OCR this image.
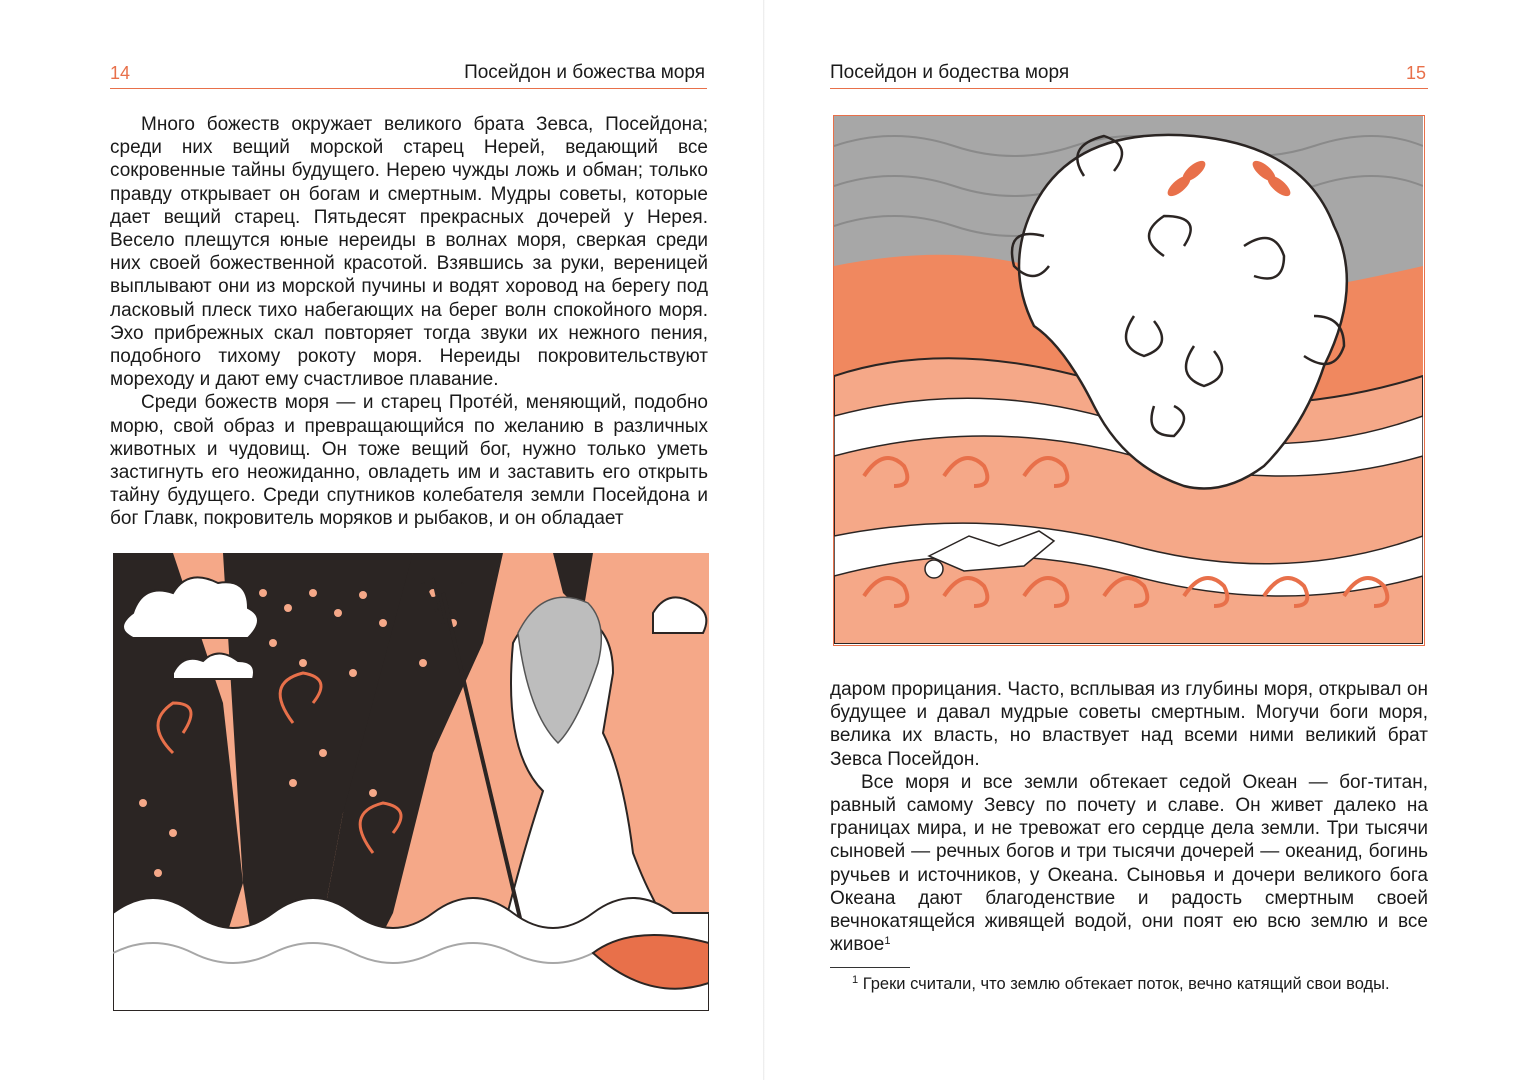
14	Посейдон и божества моря

Много божеств окружает великого брата Зевса, Посейдона; среди них вещий морской старец Нерей, ведающий все сокровенные тайны будущего. Нерею чужды ложь и обман; только правду открывает он богам и смертным. Мудры советы, которые дает вещий старец. Пятьдесят прекрасных дочерей у Нерея. Весело плещутся юные нереиды в волнах моря, сверкая среди них своей божественной красотой. Взявшись за руки, вереницей выплывают они из морской пучины и водят хоровод на берегу под ласковый плеск тихо набегающих на берег волн спокойного моря. Эхо прибрежных скал повторяет тогда звуки их нежного пения, подобного тихому рокоту моря. Нереиды покровительствуют мореходу и дают ему счастливое плавание.

Среди божеств моря — и старец Протéй, меняющий, подобно морю, свой образ и превращающийся по желанию в различных животных и чудовищ. Он тоже вещий бог, нужно только уметь застигнуть его неожиданно, овладеть им и заставить его открыть тайну будущего. Среди спутников колебателя земли Посейдона и бог Главк, покровитель моряков и рыбаков, и он обладает

Посейдон и бодества моря	15

даром прорицания. Часто, всплывая из глубины моря, открывал он будущее и давал мудрые советы смертным. Могучи боги моря, велика их власть, но властвует над всеми ними великий брат Зевса Посейдон.

Все моря и все земли обтекает седой Океан — бог-титан, равный самому Зевсу по почету и славе. Он живет далеко на границах мира, и не тревожат его сердце дела земли. Три тысячи сыновей — речных богов и три тысячи дочерей — океанид, богинь ручьев и источников, у Океана. Сыновья и дочери великого бога Океана дают благоденствие и радость смертным своей вечнокатящейся живящей водой, они поят ею всю землю и все живое$^1$

$^1$ Греки считали, что землю обтекает поток, вечно катящий свои воды.
